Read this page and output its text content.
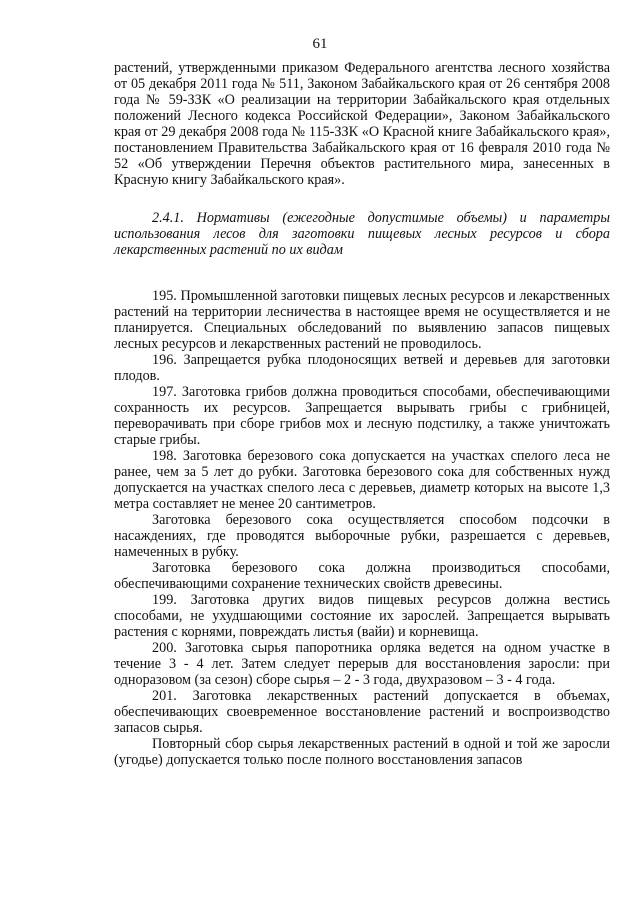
61

растений, утвержденными приказом Федерального агентства лесного хозяйства от 05 декабря 2011 года № 511, Законом Забайкальского края от 26 сентября 2008 года № 59-ЗЗК «О реализации на территории Забайкальского края отдельных положений Лесного кодекса Российской Федерации», Законом Забайкальского края от 29 декабря 2008 года № 115-ЗЗК «О Красной книге Забайкальского края», постановлением Правительства Забайкальского края от 16 февраля 2010 года № 52 «Об утверждении Перечня объектов растительного мира, занесенных в Красную книгу Забайкальского края».

2.4.1. Нормативы (ежегодные допустимые объемы) и параметры использования лесов для заготовки пищевых лесных ресурсов и сбора лекарственных растений по их видам

195. Промышленной заготовки пищевых лесных ресурсов и лекарственных растений на территории лесничества в настоящее время не осуществляется и не планируется. Специальных обследований по выявлению запасов пищевых лесных ресурсов и лекарственных растений не проводилось.

196. Запрещается рубка плодоносящих ветвей и деревьев для заготовки плодов.

197. Заготовка грибов должна проводиться способами, обеспечивающими сохранность их ресурсов. Запрещается вырывать грибы с грибницей, переворачивать при сборе грибов мох и лесную подстилку, а также уничтожать старые грибы.

198. Заготовка березового сока допускается на участках спелого леса не ранее, чем за 5 лет до рубки. Заготовка березового сока для собственных нужд допускается на участках спелого леса с деревьев, диаметр которых на высоте 1,3 метра составляет не менее 20 сантиметров.

Заготовка березового сока осуществляется способом подсочки в насаждениях, где проводятся выборочные рубки, разрешается с деревьев, намеченных в рубку.

Заготовка березового сока должна производиться способами, обеспечивающими сохранение технических свойств древесины.

199. Заготовка других видов пищевых ресурсов должна вестись способами, не ухудшающими состояние их зарослей. Запрещается вырывать растения с корнями, повреждать листья (вайи) и корневища.

200. Заготовка сырья папоротника орляка ведется на одном участке в течение 3 - 4 лет. Затем следует перерыв для восстановления заросли: при одноразовом (за сезон) сборе сырья – 2 - 3 года, двухразовом – 3 - 4 года.

201. Заготовка лекарственных растений допускается в объемах, обеспечивающих своевременное восстановление растений и воспроизводство запасов сырья.

Повторный сбор сырья лекарственных растений в одной и той же заросли (угодье) допускается только после полного восстановления запасов
